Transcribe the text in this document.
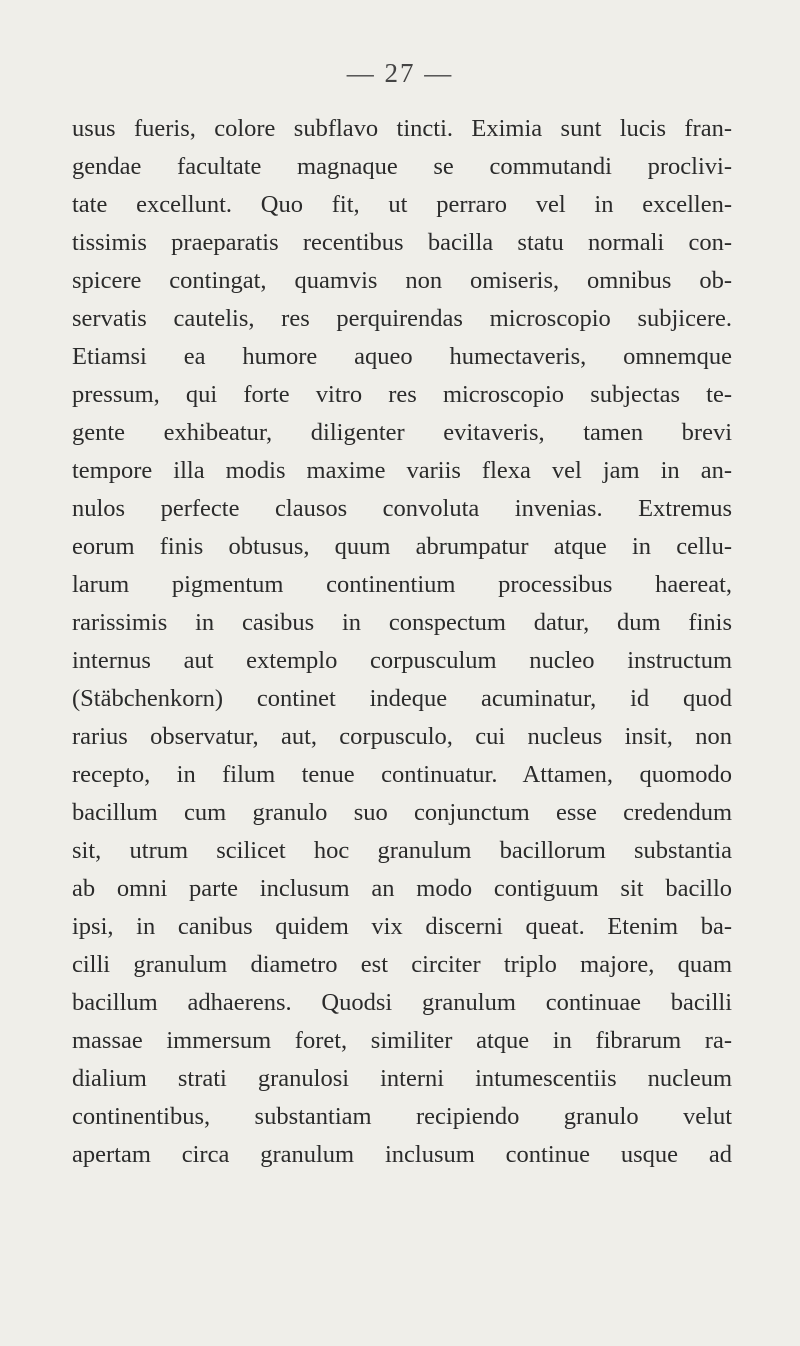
— 27 —
usus fueris, colore subflavo tincti. Eximia sunt lucis fran-
gendae facultate magnaque se commutandi proclivi-
tate excellunt. Quo fit, ut perraro vel in excellen-
tissimis praeparatis recentibus bacilla statu normali con-
spicere contingat, quamvis non omiseris, omnibus ob-
servatis cautelis, res perquirendas microscopio subjicere.
Etiamsi ea humore aqueo humectaveris, omnemque
pressum, qui forte vitro res microscopio subjectas te-
gente exhibeatur, diligenter evitaveris, tamen brevi
tempore illa modis maxime variis flexa vel jam in an-
nulos perfecte clausos convoluta invenias. Extremus
eorum finis obtusus, quum abrumpatur atque in cellu-
larum pigmentum continentium processibus haereat,
rarissimis in casibus in conspectum datur, dum finis
internus aut extemplo corpusculum nucleo instructum
(Stäbchenkorn) continet indeque acuminatur, id quod
rarius observatur, aut, corpusculo, cui nucleus insit, non
recepto, in filum tenue continuatur. Attamen, quomodo
bacillum cum granulo suo conjunctum esse credendum
sit, utrum scilicet hoc granulum bacillorum substantia
ab omni parte inclusum an modo contiguum sit bacillo
ipsi, in canibus quidem vix discerni queat. Etenim ba-
cilli granulum diametro est circiter triplo majore, quam
bacillum adhaerens. Quodsi granulum continuae bacilli
massae immersum foret, similiter atque in fibrarum ra-
dialium strati granulosi interni intumescentiis nucleum
continentibus, substantiam recipiendo granulo velut
apertam circa granulum inclusum continue usque ad
